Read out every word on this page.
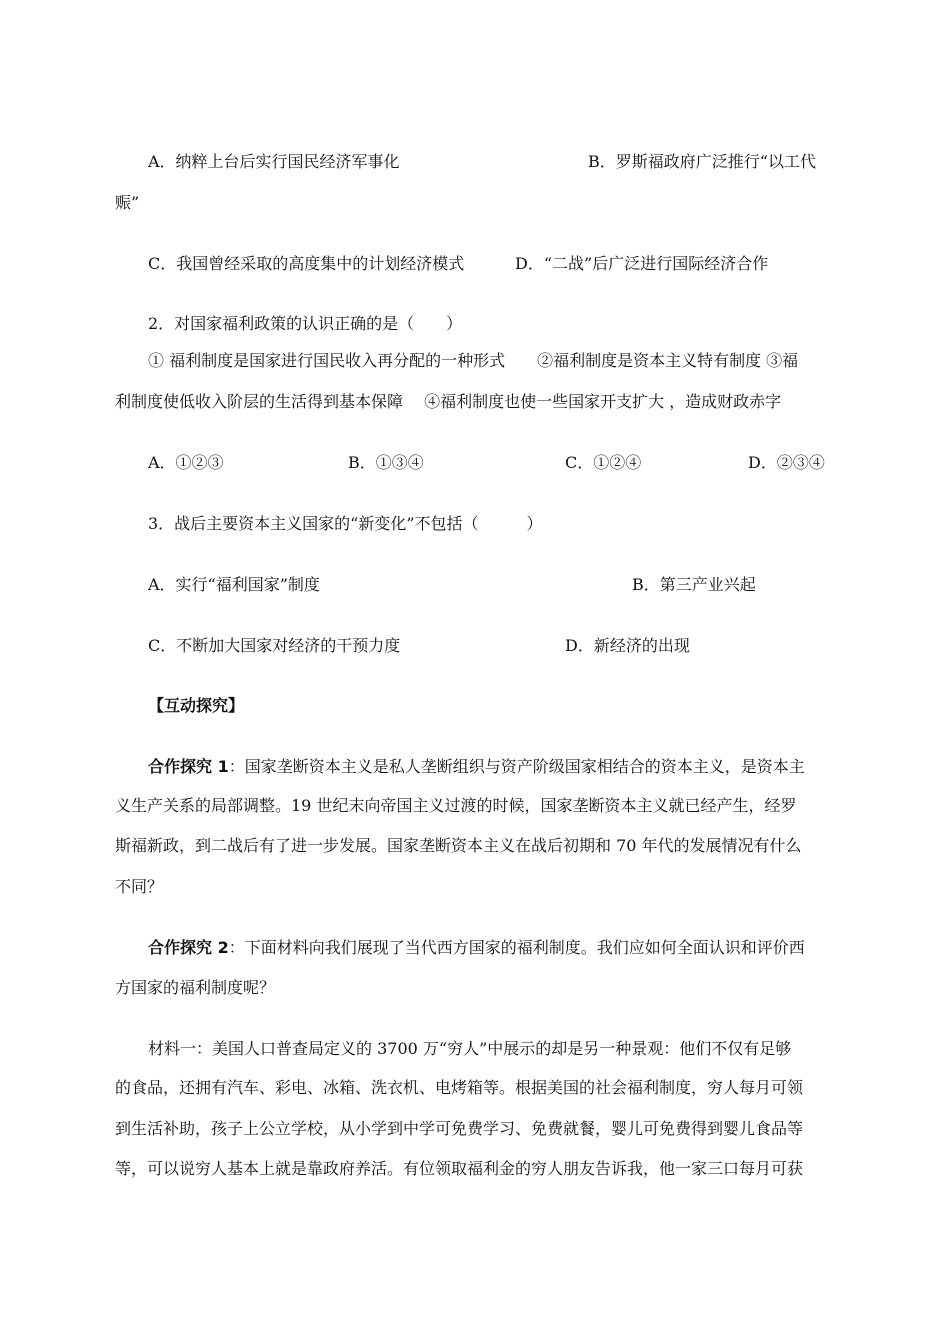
A．纳粹上台后实行国民经济军事化	B．罗斯福政府广泛推行“以工代
赈”
C．我国曾经采取的高度集中的计划经济模式	D．“二战”后广泛进行国际经济合作
2．对国家福利政策的认识正确的是（　　）
① 福利制度是国家进行国民收入再分配的一种形式　　②福利制度是资本主义特有制度 ③福
利制度使低收入阶层的生活得到基本保障　 ④福利制度也使一些国家开支扩大 ，造成财政赤字
A．①②③	B．①③④	C．①②④	D．②③④
3．战后主要资本主义国家的“新变化”不包括（　　　）
A．实行“福利国家”制度	B．第三产业兴起
C．不断加大国家对经济的干预力度	D．新经济的出现
【互动探究】
合作探究 1：国家垄断资本主义是私人垄断组织与资产阶级国家相结合的资本主义，是资本主
义生产关系的局部调整。19 世纪末向帝国主义过渡的时候，国家垄断资本主义就已经产生，经罗
斯福新政，到二战后有了进一步发展。国家垄断资本主义在战后初期和 70 年代的发展情况有什么
不同？
合作探究 2：下面材料向我们展现了当代西方国家的福利制度。我们应如何全面认识和评价西
方国家的福利制度呢？
材料一：美国人口普查局定义的 3700 万“穷人”中展示的却是另一种景观：他们不仅有足够
的食品，还拥有汽车、彩电、冰箱、洗衣机、电烤箱等。根据美国的社会福利制度，穷人每月可领
到生活补助，孩子上公立学校，从小学到中学可免费学习、免费就餐，婴儿可免费得到婴儿食品等
等，可以说穷人基本上就是靠政府养活。有位领取福利金的穷人朋友告诉我，他一家三口每月可获
